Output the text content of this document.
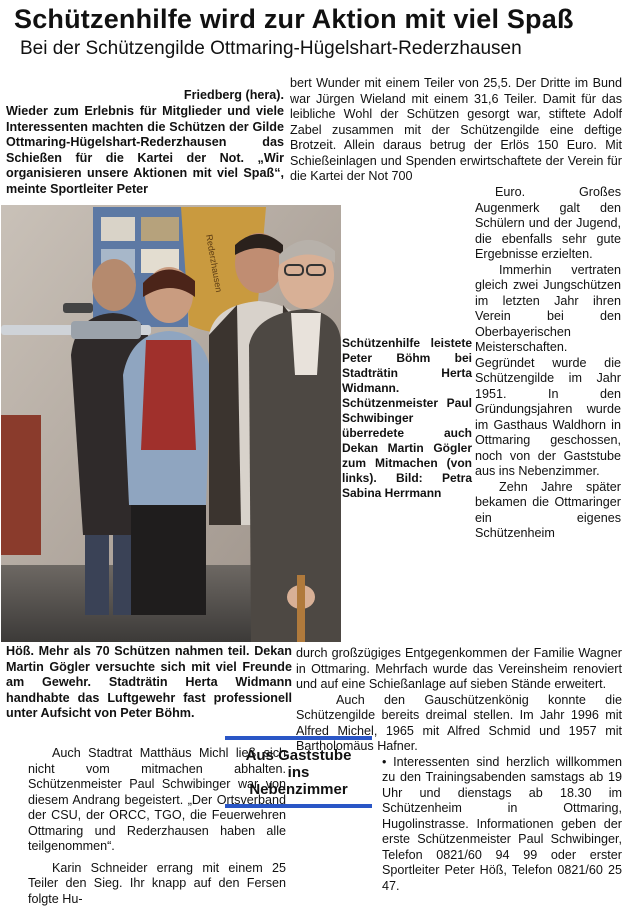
Schützenhilfe wird zur Aktion mit viel Spaß
Bei der Schützengilde Ottmaring-Hügelshart-Rederzhausen
Friedberg (hera).
Wieder zum Erlebnis für Mitglieder und viele Interessenten machten die Schützen der Gilde Ottmaring-Hügelshart-Rederzhausen das Schießen für die Kartei der Not. „Wir organisieren unsere Aktionen mit viel Spaß“, meinte Sportleiter Peter
Rederzhausen
Schützenhilfe leistete Peter Böhm bei Stadträtin Herta Widmann. Schützenmeister Paul Schwibinger überredete auch Dekan Martin Gögler zum Mitmachen (von links). Bild: Petra Sabina Herrmann
Höß. Mehr als 70 Schützen nahmen teil. Dekan Martin Gögler versuchte sich mit viel Freunde am Gewehr. Stadträtin Herta Widmann handhabte das Luftgewehr fast professionell unter Aufsicht von Peter Böhm.

Auch Stadtrat Matthäus Michl ließ sich nicht vom mitmachen abhalten. Schützenmeister Paul Schwibinger war von diesem Andrang begeistert. „Der Ortsverband der CSU, der ORCC, TGO, die Feuerwehren Ottmaring und Rederzhausen haben alle teilgenommen“.

Karin Schneider errang mit einem 25 Teiler den Sieg. Ihr knapp auf den Fersen folgte Hu-

bert Wunder mit einem Teiler von 25,5. Der Dritte im Bund war Jürgen Wieland mit einem 31,6 Teiler. Damit für das leibliche Wohl der Schützen gesorgt war, stiftete Adolf Zabel zusammen mit der Schützengilde eine deftige Brotzeit. Allein daraus betrug der Erlös 150 Euro. Mit Schießeinlagen und Spenden erwirtschaftete der Verein für die Kartei der Not 700

Euro. Großes Augenmerk galt den Schülern und der Jugend, die ebenfalls sehr gute Ergebnisse erzielten.

Immerhin vertraten gleich zwei Jungschützen im letzten Jahr ihren Verein bei den Oberbayerischen Meisterschaften. Gegründet wurde die Schützengilde im Jahr 1951. In den Gründungsjahren wurde im Gasthaus Waldhorn in Ottmaring geschossen, noch von der Gaststube aus ins Nebenzimmer.

Zehn Jahre später bekamen die Ottmaringer ein eigenes Schützenheim

durch großzügiges Entgegenkommen der Familie Wagner in Ottmaring. Mehrfach wurde das Vereinsheim renoviert und auf eine Schießanlage auf sieben Stände erweitert.

Auch den Gauschützenkönig konnte die Schützengilde bereits dreimal stellen. Im Jahr 1996 mit Alfred Michel, 1965 mit Alfred Schmid und 1957 mit Bartholomäus Hafner.

• Interessenten sind herzlich willkommen zu den Trainingsabenden samstags ab 19 Uhr und dienstags ab 18.30 im Schützenheim in Ottmaring, Hugolinstrasse. Informationen geben der erste Schützenmeister Paul Schwibinger, Telefon 0821/60 94 99 oder erster Sportleiter Peter Höß, Telefon 0821/60 25 47.

Aus Gaststube
ins
Nebenzimmer
